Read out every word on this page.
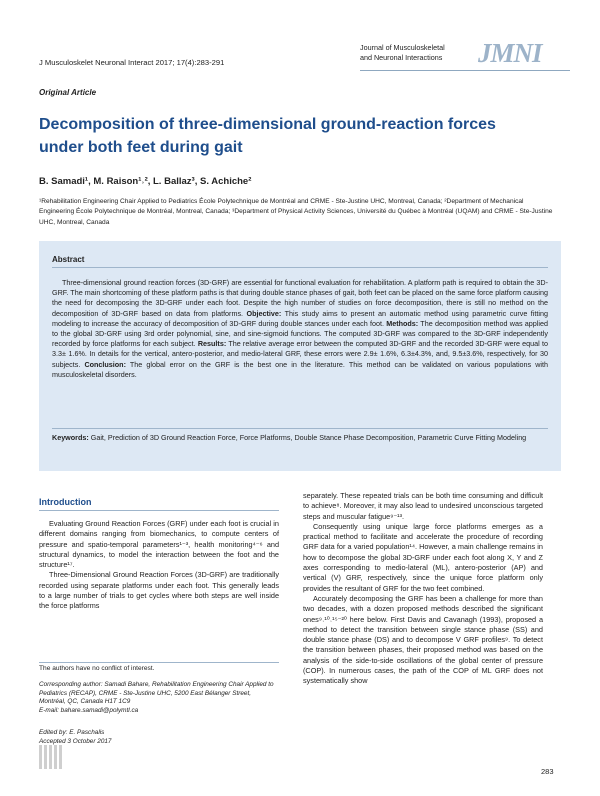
J Musculoskelet Neuronal Interact 2017; 17(4):283-291
Journal of Musculoskeletal
and Neuronal Interactions	JMNI
Original Article
Decomposition of three-dimensional ground-reaction forces under both feet during gait
B. Samadi¹, M. Raison¹˒², L. Ballaz³, S. Achiche²
¹Rehabilitation Engineering Chair Applied to Pediatrics École Polytechnique de Montréal and CRME - Ste-Justine UHC, Montreal, Canada; ²Department of Mechanical Engineering École Polytechnique de Montréal, Montreal, Canada; ³Department of Physical Activity Sciences, Université du Québec à Montréal (UQAM) and CRME - Ste-Justine UHC, Montreal, Canada
Abstract
Three-dimensional ground reaction forces (3D-GRF) are essential for functional evaluation for rehabilitation. A platform path is required to obtain the 3D-GRF. The main shortcoming of these platform paths is that during double stance phases of gait, both feet can be placed on the same force platform causing the need for decomposing the 3D-GRF under each foot. Despite the high number of studies on force decomposition, there is still no method on the decomposition of 3D-GRF based on data from platforms. Objective: This study aims to present an automatic method using parametric curve fitting modeling to increase the accuracy of decomposition of 3D-GRF during double stances under each foot. Methods: The decomposition method was applied to the global 3D-GRF using 3rd order polynomial, sine, and sine-sigmoid functions. The computed 3D-GRF was compared to the 3D-GRF independently recorded by force platforms for each subject. Results: The relative average error between the computed 3D-GRF and the recorded 3D-GRF were equal to 3.3± 1.6%. In details for the vertical, antero-posterior, and medio-lateral GRF, these errors were 2.9± 1.6%, 6.3±4.3%, and, 9.5±3.6%, respectively, for 30 subjects. Conclusion: The global error on the GRF is the best one in the literature. This method can be validated on various populations with musculoskeletal disorders.
Keywords: Gait, Prediction of 3D Ground Reaction Force, Force Platforms, Double Stance Phase Decomposition, Parametric Curve Fitting Modeling
Introduction

Evaluating Ground Reaction Forces (GRF) under each foot is crucial in different domains ranging from biomechanics, to compute centers of pressure and spatio-temporal parameters¹⁻³, health monitoring⁴⁻⁶ and structural dynamics, to model the interaction between the foot and the structure¹⁷.

Three-Dimensional Ground Reaction Forces (3D-GRF) are traditionally recorded using separate platforms under each foot. This generally leads to a large number of trials to get cycles where both steps are well inside the force platforms

separately. These repeated trials can be both time consuming and difficult to achieve⁸. Moreover, it may also lead to undesired unconscious targeted steps and muscular fatigue⁹⁻¹³.

Consequently using unique large force platforms emerges as a practical method to facilitate and accelerate the procedure of recording GRF data for a varied population¹⁴. However, a main challenge remains in how to decompose the global 3D-GRF under each foot along X, Y and Z axes corresponding to medio-lateral (ML), antero-posterior (AP) and vertical (V) GRF, respectively, since the unique force platform only provides the resultant of GRF for the two feet combined.

Accurately decomposing the GRF has been a challenge for more than two decades, with a dozen proposed methods described the significant ones⁹˒¹⁰˒¹⁵⁻²⁰ here below. First Davis and Cavanagh (1993), proposed a method to detect the transition between single stance phase (SS) and double stance phase (DS) and to decompose V GRF profiles⁹. To detect the transition between phases, their proposed method was based on the analysis of the side-to-side oscillations of the global center of pressure (COP). In numerous cases, the path of the COP of ML GRF does not systematically show

The authors have no conflict of interest.
Corresponding author: Samadi Bahare, Rehabilitation Engineering Chair Applied to Pediatrics (RECAP), CRME - Ste-Justine UHC, 5200 East Bélanger Street, Montréal, QC, Canada H1T 1C9
E-mail: bahare.samadi@polymtl.ca
Edited by: E. Paschalis
Accepted 3 October 2017
283
